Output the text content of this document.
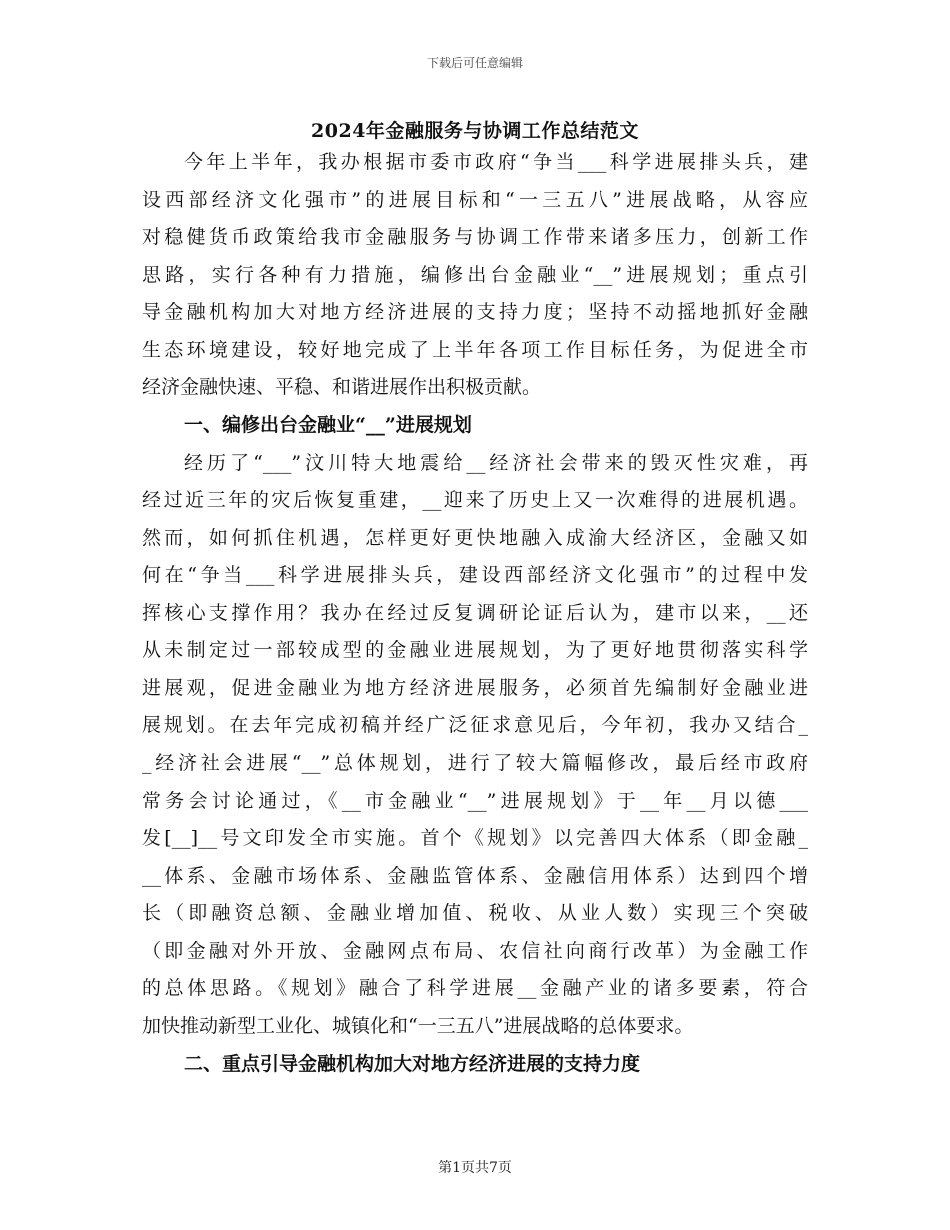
下载后可任意编辑
2024年金融服务与协调工作总结范文
今年上半年，我办根据市委市政府“争当___科学进展排头兵，建
设西部经济文化强市”的进展目标和“一三五八”进展战略，从容应
对稳健货币政策给我市金融服务与协调工作带来诸多压力，创新工作
思路，实行各种有力措施，编修出台金融业“__”进展规划；重点引
导金融机构加大对地方经济进展的支持力度；坚持不动摇地抓好金融
生态环境建设，较好地完成了上半年各项工作目标任务，为促进全市
经济金融快速、平稳、和谐进展作出积极贡献。
一、编修出台金融业“__”进展规划
经历了“___”汶川特大地震给__经济社会带来的毁灭性灾难，再
经过近三年的灾后恢复重建，__迎来了历史上又一次难得的进展机遇。
然而，如何抓住机遇，怎样更好更快地融入成渝大经济区，金融又如
何在“争当___科学进展排头兵，建设西部经济文化强市”的过程中发
挥核心支撑作用？我办在经过反复调研论证后认为，建市以来，__还
从未制定过一部较成型的金融业进展规划，为了更好地贯彻落实科学
进展观，促进金融业为地方经济进展服务，必须首先编制好金融业进
展规划。在去年完成初稿并经广泛征求意见后，今年初，我办又结合_
_经济社会进展“__”总体规划，进行了较大篇幅修改，最后经市政府
常务会讨论通过，《__市金融业“__”进展规划》于__年__月以德___
发[__]__号文印发全市实施。首个《规划》以完善四大体系（即金融_
__体系、金融市场体系、金融监管体系、金融信用体系）达到四个增
长（即融资总额、金融业增加值、税收、从业人数）实现三个突破
（即金融对外开放、金融网点布局、农信社向商行改革）为金融工作
的总体思路。《规划》融合了科学进展__金融产业的诸多要素，符合
加快推动新型工业化、城镇化和“一三五八”进展战略的总体要求。
二、重点引导金融机构加大对地方经济进展的支持力度
第1页共7页
